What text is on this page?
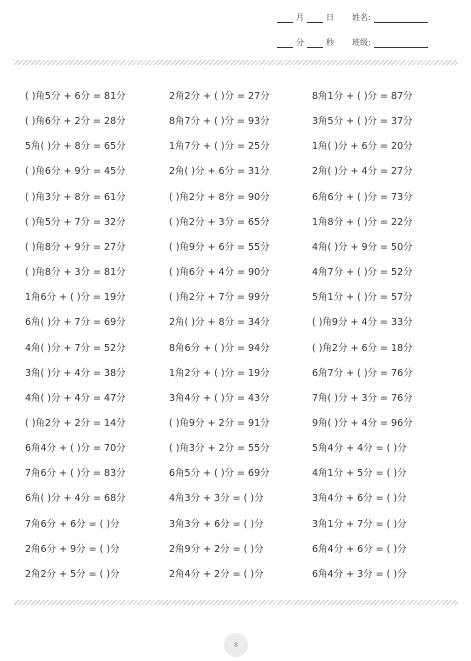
月	日 姓名:
分	秒 班级:
( )角5分 + 6分 = 81分	2角2分 + ( )分 = 27分	8角1分 + ( )分 = 87分
( )角6分 + 2分 = 28分	8角7分 + ( )分 = 93分	3角5分 + ( )分 = 37分
5角( )分 + 8分 = 65分	1角7分 + ( )分 = 25分	1角( )分 + 6分 = 20分
( )角6分 + 9分 = 45分	2角( )分 + 6分 = 31分	2角( )分 + 4分 = 27分
( )角3分 + 8分 = 61分	( )角2分 + 8分 = 90分	6角6分 + ( )分 = 73分
( )角5分 + 7分 = 32分	( )角2分 + 3分 = 65分	1角8分 + ( )分 = 22分
( )角8分 + 9分 = 27分	( )角9分 + 6分 = 55分	4角( )分 + 9分 = 50分
( )角8分 + 3分 = 81分	( )角6分 + 4分 = 90分	4角7分 + ( )分 = 52分
1角6分 + ( )分 = 19分	( )角2分 + 7分 = 99分	5角1分 + ( )分 = 57分
6角( )分 + 7分 = 69分	2角( )分 + 8分 = 34分	( )角9分 + 4分 = 33分
4角( )分 + 7分 = 52分	8角6分 + ( )分 = 94分	( )角2分 + 6分 = 18分
3角( )分 + 4分 = 38分	1角2分 + ( )分 = 19分	6角7分 + ( )分 = 76分
4角( )分 + 4分 = 47分	3角4分 + ( )分 = 43分	7角( )分 + 3分 = 76分
( )角2分 + 2分 = 14分	( )角9分 + 2分 = 91分	9角( )分 + 4分 = 96分
6角4分 + ( )分 = 70分	( )角3分 + 2分 = 55分	5角4分 + 4分 = ( )分
7角6分 + ( )分 = 83分	6角5分 + ( )分 = 69分	4角1分 + 5分 = ( )分
6角( )分 + 4分 = 68分	4角3分 + 3分 = ( )分	3角4分 + 6分 = ( )分
7角6分 + 6分 = ( )分	3角3分 + 6分 = ( )分	3角1分 + 7分 = ( )分
2角6分 + 9分 = ( )分	2角9分 + 2分 = ( )分	6角4分 + 6分 = ( )分
2角2分 + 5分 = ( )分	2角4分 + 2分 = ( )分	6角4分 + 3分 = ( )分
8
